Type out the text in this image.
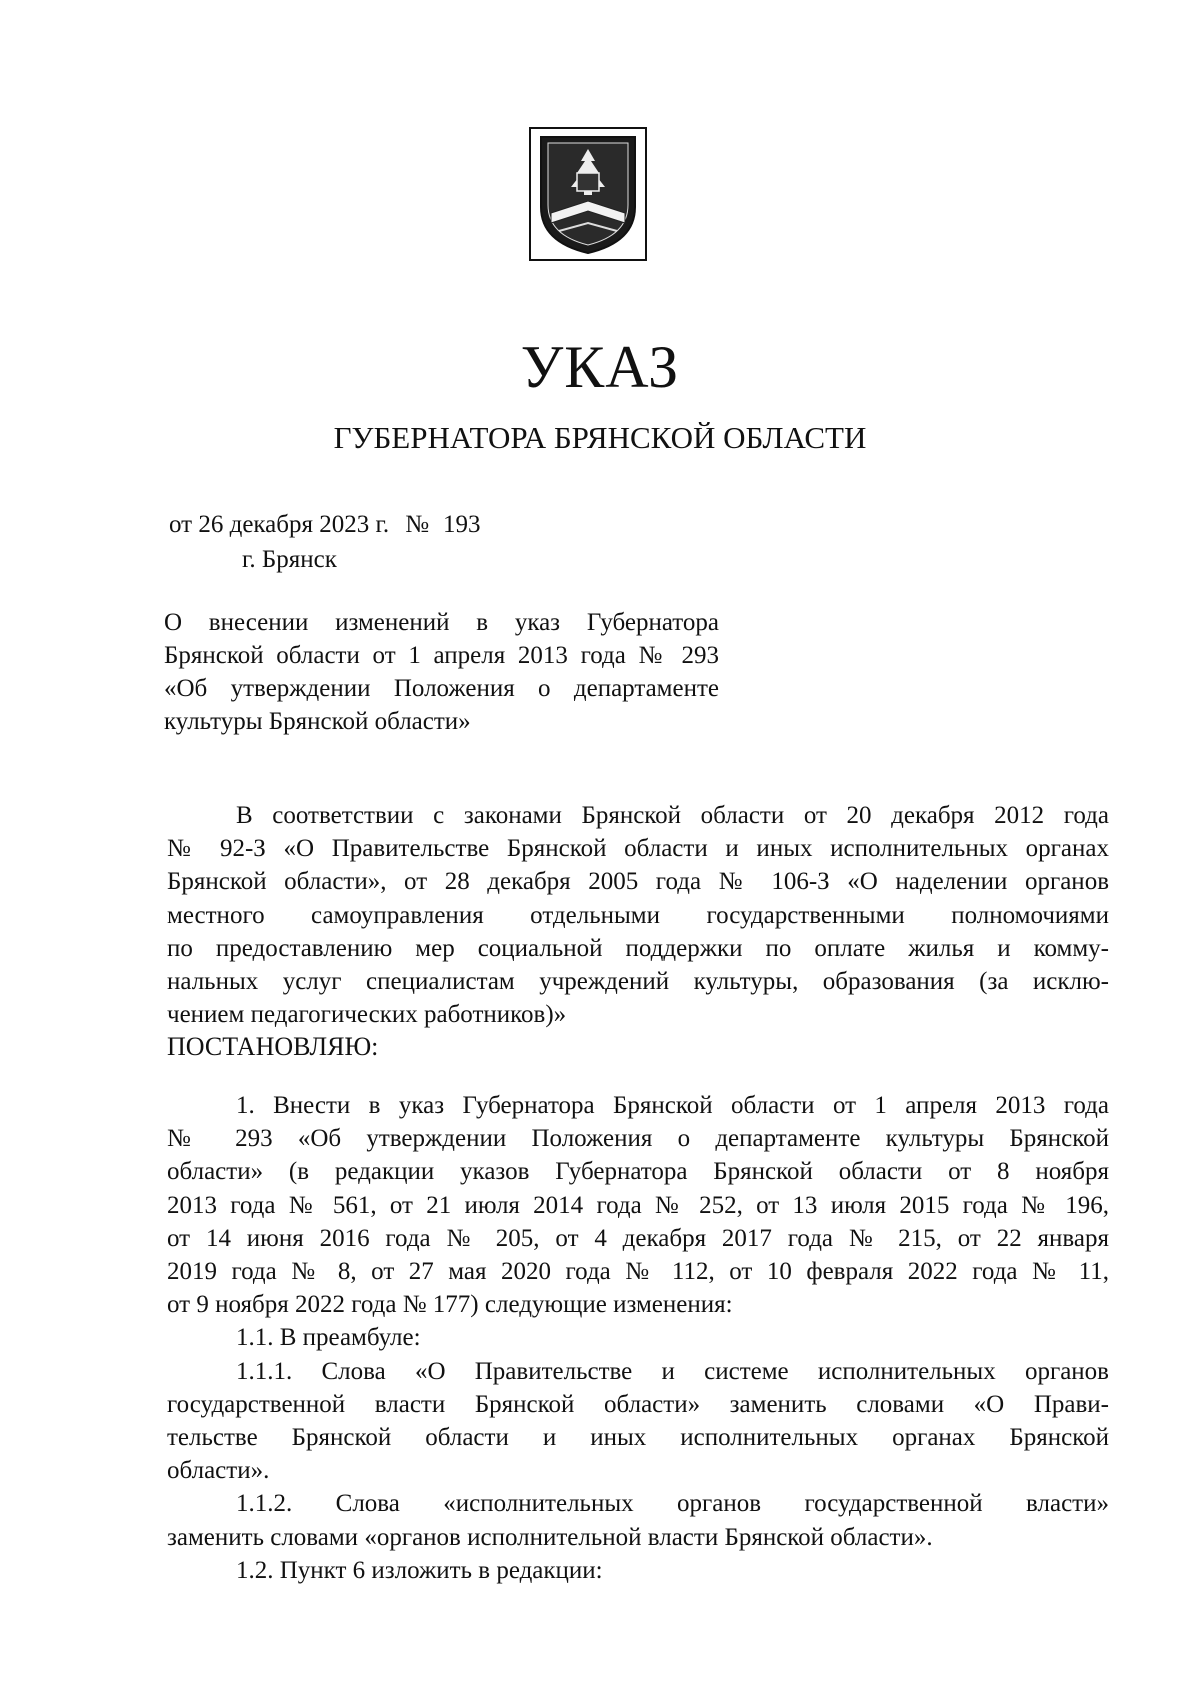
УКАЗ
ГУБЕРНАТОРА БРЯНСКОЙ ОБЛАСТИ
от 26 декабря 2023 г. № 193
г. Брянск
О внесении изменений в указ Губернатора
Брянской области от 1 апреля 2013 года № 293
«Об утверждении Положения о департаменте
культуры Брянской области»
В соответствии с законами Брянской области от 20 декабря 2012 года
№ 92-З «О Правительстве Брянской области и иных исполнительных органах
Брянской области», от 28 декабря 2005 года № 106-З «О наделении органов
местного самоуправления отдельными государственными полномочиями
по предоставлению мер социальной поддержки по оплате жилья и комму-
нальных услуг специалистам учреждений культуры, образования (за исклю-
чением педагогических работников)»
ПОСТАНОВЛЯЮ:
1. Внести в указ Губернатора Брянской области от 1 апреля 2013 года
№ 293 «Об утверждении Положения о департаменте культуры Брянской
области» (в редакции указов Губернатора Брянской области от 8 ноября
2013 года № 561, от 21 июля 2014 года № 252, от 13 июля 2015 года № 196,
от 14 июня 2016 года № 205, от 4 декабря 2017 года № 215, от 22 января
2019 года № 8, от 27 мая 2020 года № 112, от 10 февраля 2022 года № 11,
от 9 ноября 2022 года № 177) следующие изменения:
1.1. В преамбуле:
1.1.1. Слова «О Правительстве и системе исполнительных органов
государственной власти Брянской области» заменить словами «О Прави-
тельстве Брянской области и иных исполнительных органах Брянской
области».
1.1.2. Слова «исполнительных органов государственной власти»
заменить словами «органов исполнительной власти Брянской области».
1.2. Пункт 6 изложить в редакции:
